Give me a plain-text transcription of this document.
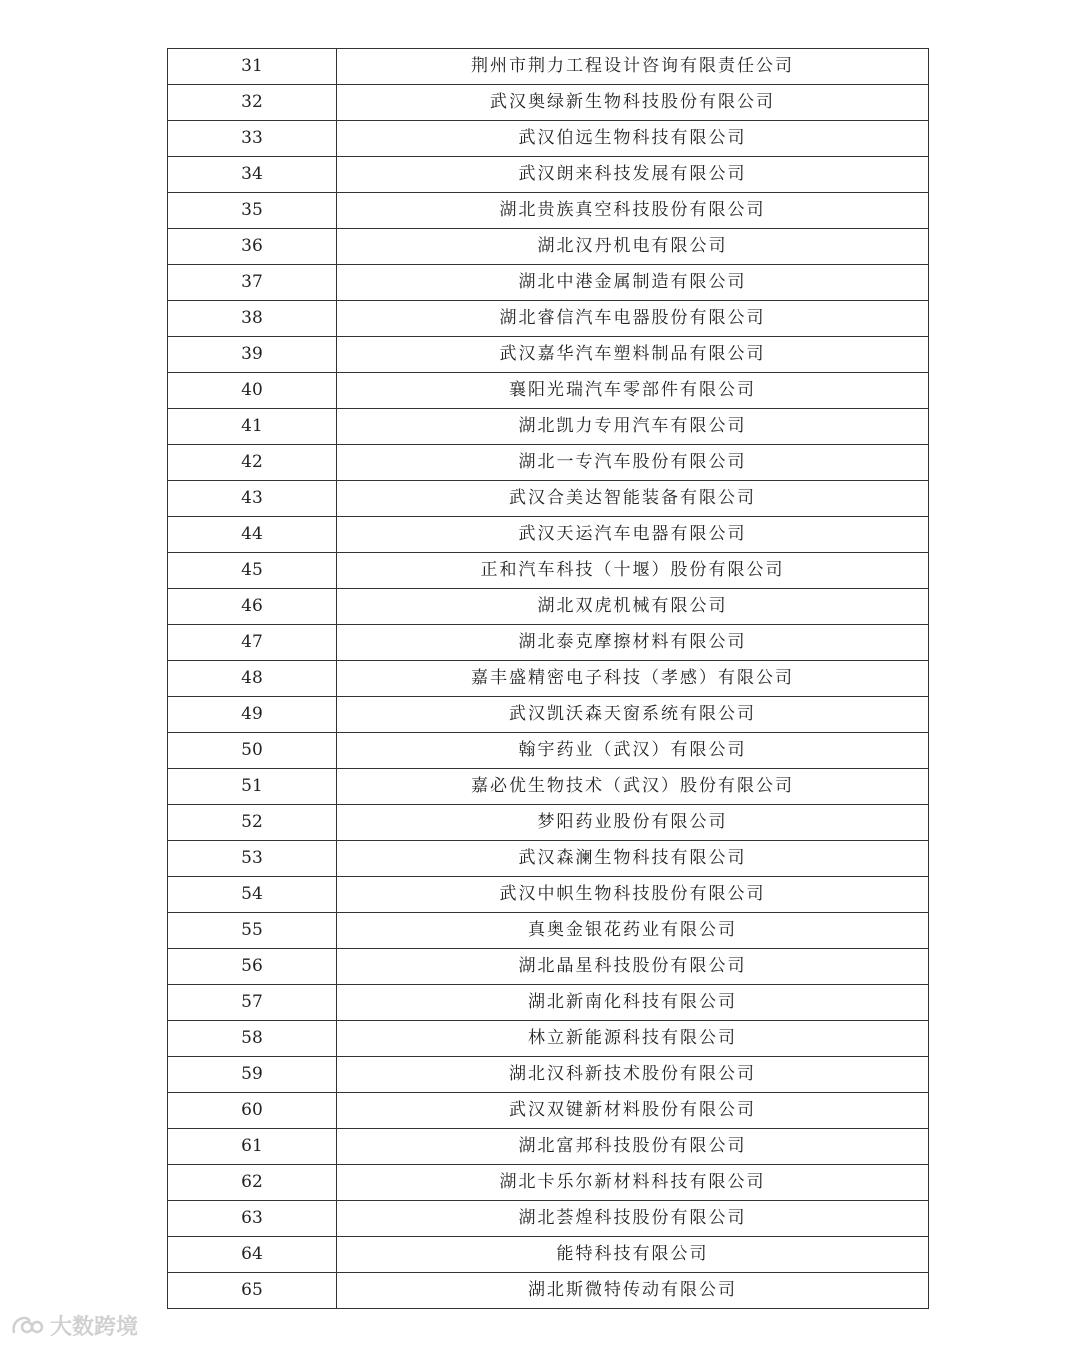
31	荆州市荆力工程设计咨询有限责任公司
32	武汉奥绿新生物科技股份有限公司
33	武汉伯远生物科技有限公司
34	武汉朗来科技发展有限公司
35	湖北贵族真空科技股份有限公司
36	湖北汉丹机电有限公司
37	湖北中港金属制造有限公司
38	湖北睿信汽车电器股份有限公司
39	武汉嘉华汽车塑料制品有限公司
40	襄阳光瑞汽车零部件有限公司
41	湖北凯力专用汽车有限公司
42	湖北一专汽车股份有限公司
43	武汉合美达智能装备有限公司
44	武汉天运汽车电器有限公司
45	正和汽车科技（十堰）股份有限公司
46	湖北双虎机械有限公司
47	湖北泰克摩擦材料有限公司
48	嘉丰盛精密电子科技（孝感）有限公司
49	武汉凯沃森天窗系统有限公司
50	翰宇药业（武汉）有限公司
51	嘉必优生物技术（武汉）股份有限公司
52	梦阳药业股份有限公司
53	武汉森澜生物科技有限公司
54	武汉中帜生物科技股份有限公司
55	真奥金银花药业有限公司
56	湖北晶星科技股份有限公司
57	湖北新南化科技有限公司
58	林立新能源科技有限公司
59	湖北汉科新技术股份有限公司
60	武汉双键新材料股份有限公司
61	湖北富邦科技股份有限公司
62	湖北卡乐尔新材料科技有限公司
63	湖北荟煌科技股份有限公司
64	能特科技有限公司
65	湖北斯微特传动有限公司
大数跨境
